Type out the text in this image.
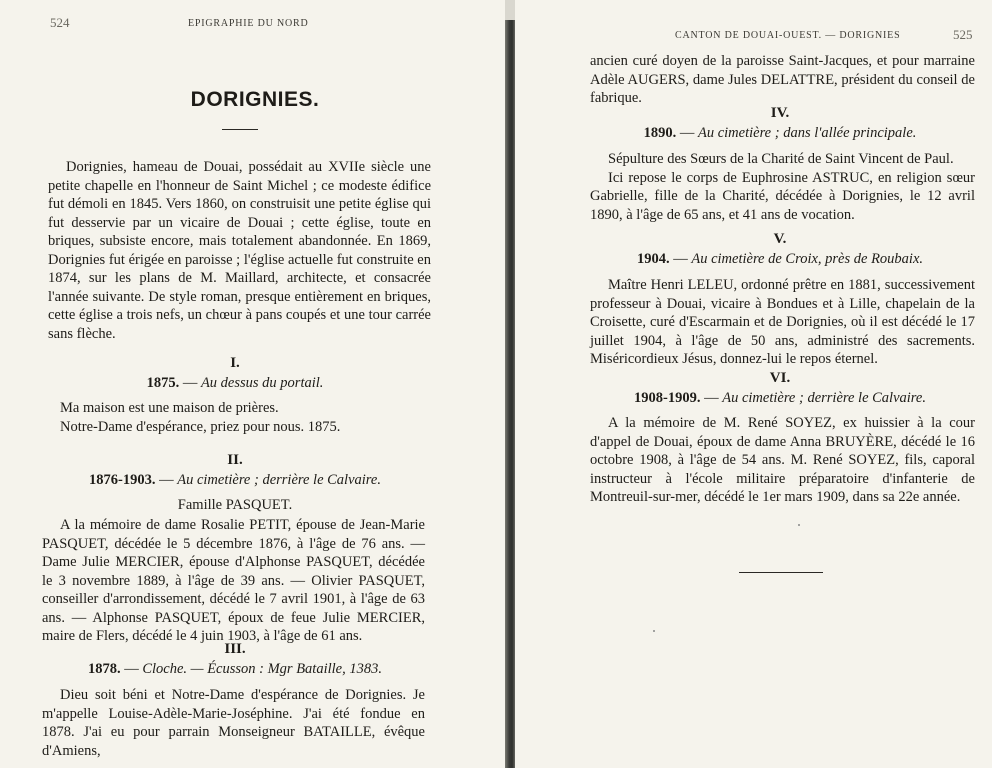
524	EPIGRAPHIE DU NORD
DORIGNIES.

Dorignies, hameau de Douai, possédait au XVIIe siècle une petite chapelle en l'honneur de Saint Michel ; ce modeste édifice fut démoli en 1845. Vers 1860, on construisit une petite église qui fut desservie par un vicaire de Douai ; cette église, toute en briques, subsiste encore, mais totalement abandonnée. En 1869, Dorignies fut érigée en paroisse ; l'église actuelle fut construite en 1874, sur les plans de M. Maillard, architecte, et consacrée l'année suivante. De style roman, presque entièrement en briques, cette église a trois nefs, un chœur à pans coupés et une tour carrée sans flèche.

I.
1875. — Au dessus du portail.

Ma maison est une maison de prières.

Notre-Dame d'espérance, priez pour nous. 1875.

II.
1876-1903. — Au cimetière ; derrière le Calvaire.
Famille PASQUET.

A la mémoire de dame Rosalie PETIT, épouse de Jean-Marie PASQUET, décédée le 5 décembre 1876, à l'âge de 76 ans. — Dame Julie MERCIER, épouse d'Alphonse PASQUET, décédée le 3 novembre 1889, à l'âge de 39 ans. — Olivier PASQUET, conseiller d'arrondissement, décédé le 7 avril 1901, à l'âge de 63 ans. — Alphonse PASQUET, époux de feue Julie MERCIER, maire de Flers, décédé le 4 juin 1903, à l'âge de 61 ans.

III.
1878. — Cloche. — Écusson : Mgr Bataille, 1383.

Dieu soit béni et Notre-Dame d'espérance de Dorignies. Je m'appelle Louise-Adèle-Marie-Joséphine. J'ai été fondue en 1878. J'ai eu pour parrain Monseigneur BATAILLE, évêque d'Amiens,

CANTON DE DOUAI-OUEST. — DORIGNIES	525

ancien curé doyen de la paroisse Saint-Jacques, et pour marraine Adèle AUGERS, dame Jules DELATTRE, président du conseil de fabrique.

IV.
1890. — Au cimetière ; dans l'allée principale.

Sépulture des Sœurs de la Charité de Saint Vincent de Paul.

Ici repose le corps de Euphrosine ASTRUC, en religion sœur Gabrielle, fille de la Charité, décédée à Dorignies, le 12 avril 1890, à l'âge de 65 ans, et 41 ans de vocation.

V.
1904. — Au cimetière de Croix, près de Roubaix.

Maître Henri LELEU, ordonné prêtre en 1881, successivement professeur à Douai, vicaire à Bondues et à Lille, chapelain de la Croisette, curé d'Escarmain et de Dorignies, où il est décédé le 17 juillet 1904, à l'âge de 50 ans, administré des sacrements. Miséricordieux Jésus, donnez-lui le repos éternel.

VI.
1908-1909. — Au cimetière ; derrière le Calvaire.

A la mémoire de M. René SOYEZ, ex huissier à la cour d'appel de Douai, époux de dame Anna BRUYÈRE, décédé le 16 octobre 1908, à l'âge de 54 ans. M. René SOYEZ, fils, caporal instructeur à l'école militaire préparatoire d'infanterie de Montreuil-sur-mer, décédé le 1er mars 1909, dans sa 22e année.
